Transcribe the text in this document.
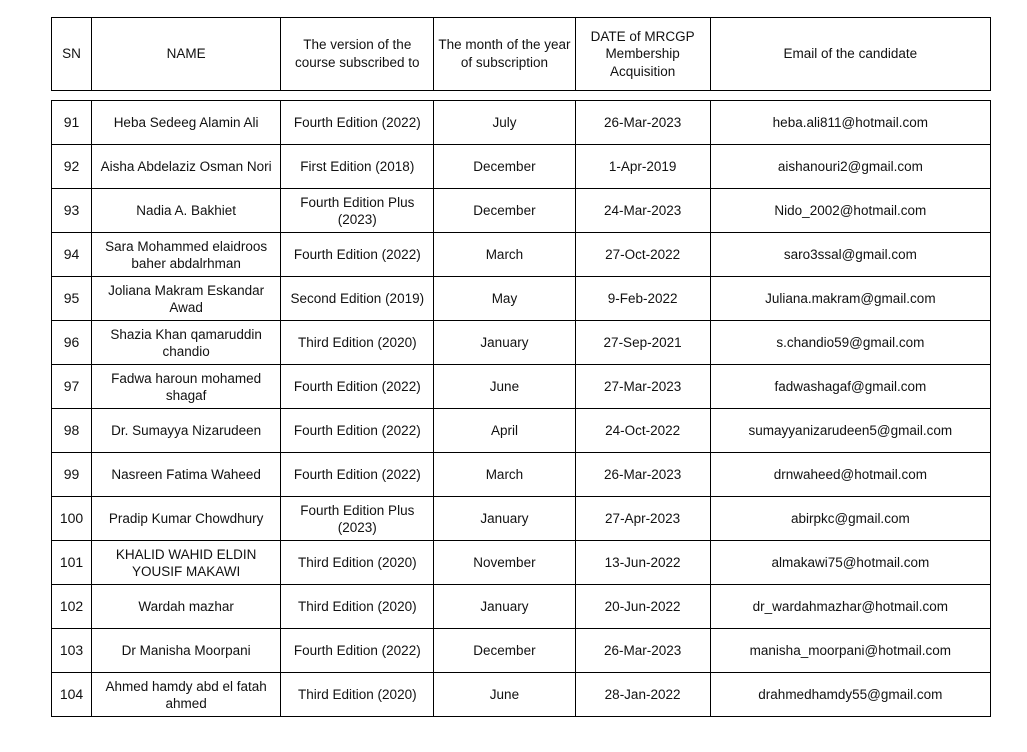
SN	NAME	The version of the course subscribed to	The month of the year of subscription	DATE of MRCGP Membership Acquisition	Email of the candidate
91	Heba Sedeeg Alamin Ali	Fourth Edition (2022)	July	26-Mar-2023	heba.ali811@hotmail.com
92	Aisha Abdelaziz Osman Nori	First Edition (2018)	December	1-Apr-2019	aishanouri2@gmail.com
93	Nadia A. Bakhiet	Fourth Edition Plus (2023)	December	24-Mar-2023	Nido_2002@hotmail.com
94	Sara Mohammed elaidroos baher abdalrhman	Fourth Edition (2022)	March	27-Oct-2022	saro3ssal@gmail.com
95	Joliana Makram Eskandar Awad	Second Edition (2019)	May	9-Feb-2022	Juliana.makram@gmail.com
96	Shazia Khan qamaruddin chandio	Third Edition (2020)	January	27-Sep-2021	s.chandio59@gmail.com
97	Fadwa haroun mohamed shagaf	Fourth Edition (2022)	June	27-Mar-2023	fadwashagaf@gmail.com
98	Dr. Sumayya Nizarudeen	Fourth Edition (2022)	April	24-Oct-2022	sumayyanizarudeen5@gmail.com
99	Nasreen Fatima Waheed	Fourth Edition (2022)	March	26-Mar-2023	drnwaheed@hotmail.com
100	Pradip Kumar Chowdhury	Fourth Edition Plus (2023)	January	27-Apr-2023	abirpkc@gmail.com
101	KHALID WAHID ELDIN YOUSIF MAKAWI	Third Edition (2020)	November	13-Jun-2022	almakawi75@hotmail.com
102	Wardah mazhar	Third Edition (2020)	January	20-Jun-2022	dr_wardahmazhar@hotmail.com
103	Dr Manisha Moorpani	Fourth Edition (2022)	December	26-Mar-2023	manisha_moorpani@hotmail.com
104	Ahmed hamdy abd el fatah ahmed	Third Edition (2020)	June	28-Jan-2022	drahmedhamdy55@gmail.com
